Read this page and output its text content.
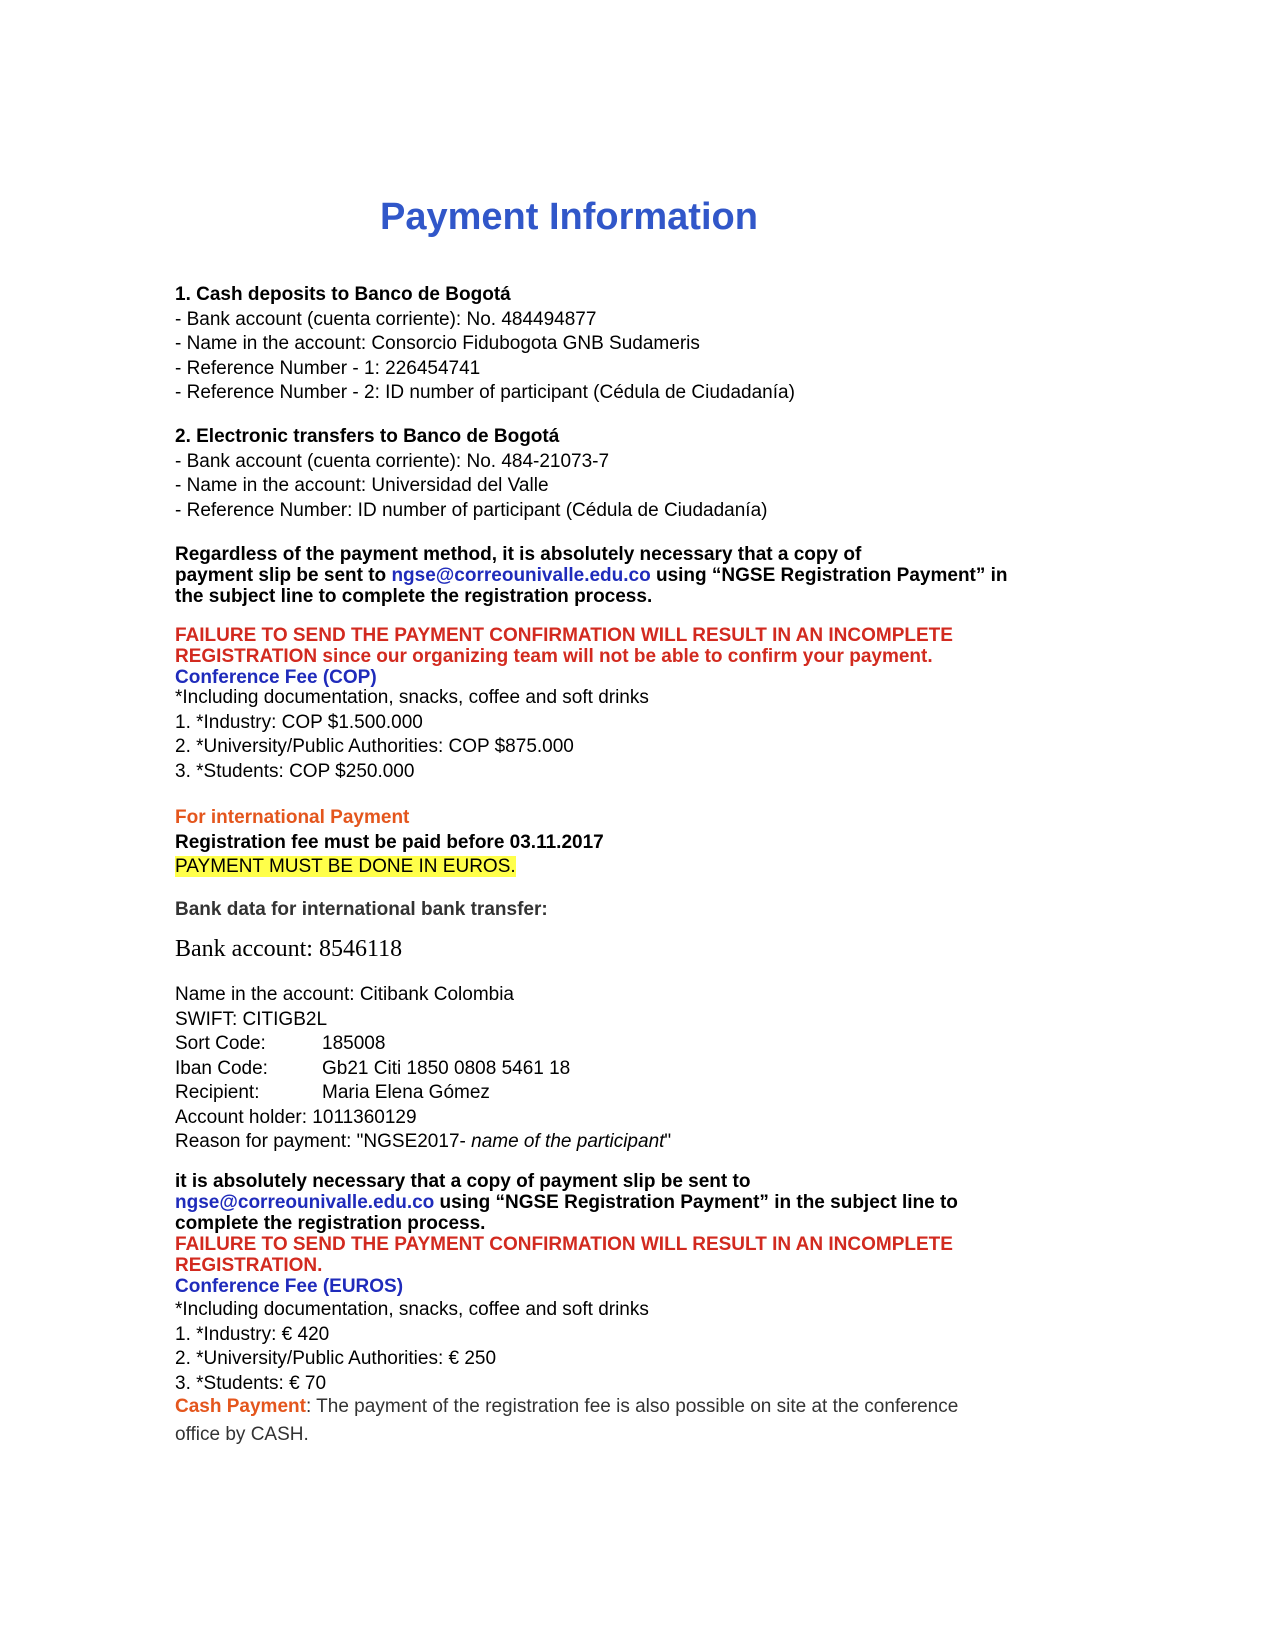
Payment Information
1. Cash deposits to Banco de Bogotá
- Bank account (cuenta corriente): No. 484494877
- Name in the account: Consorcio Fidubogota GNB Sudameris
- Reference Number - 1: 226454741
- Reference Number - 2: ID number of participant (Cédula de Ciudadanía)
2. Electronic transfers to Banco de Bogotá
- Bank account (cuenta corriente): No. 484-21073-7
- Name in the account: Universidad del Valle
- Reference Number: ID number of participant (Cédula de Ciudadanía)
Regardless of the payment method, it is absolutely necessary that a copy of
payment slip be sent to ngse@correounivalle.edu.co using “NGSE Registration Payment” in
the subject line to complete the registration process.
FAILURE TO SEND THE PAYMENT CONFIRMATION WILL RESULT IN AN INCOMPLETE
REGISTRATION since our organizing team will not be able to confirm your payment.
Conference Fee (COP)
*Including documentation, snacks, coffee and soft drinks
1. *Industry: COP $1.500.000
2. *University/Public Authorities: COP $875.000
3. *Students: COP $250.000
For international Payment
Registration fee must be paid before 03.11.2017
PAYMENT MUST BE DONE IN EUROS.
Bank data for international bank transfer:
Bank account: 8546118
Name in the account: Citibank Colombia
SWIFT: CITIGB2L
Sort Code:	185008
Iban Code:	Gb21 Citi 1850 0808 5461 18
Recipient:	Maria Elena Gómez
Account holder: 1011360129
Reason for payment: "NGSE2017- name of the participant"
it is absolutely necessary that a copy of payment slip be sent to
ngse@correounivalle.edu.co using “NGSE Registration Payment” in the subject line to
complete the registration process.
FAILURE TO SEND THE PAYMENT CONFIRMATION WILL RESULT IN AN INCOMPLETE
REGISTRATION.
Conference Fee (EUROS)
*Including documentation, snacks, coffee and soft drinks
1. *Industry: € 420
2. *University/Public Authorities: € 250
3. *Students: € 70
Cash Payment: The payment of the registration fee is also possible on site at the conference
office by CASH.
